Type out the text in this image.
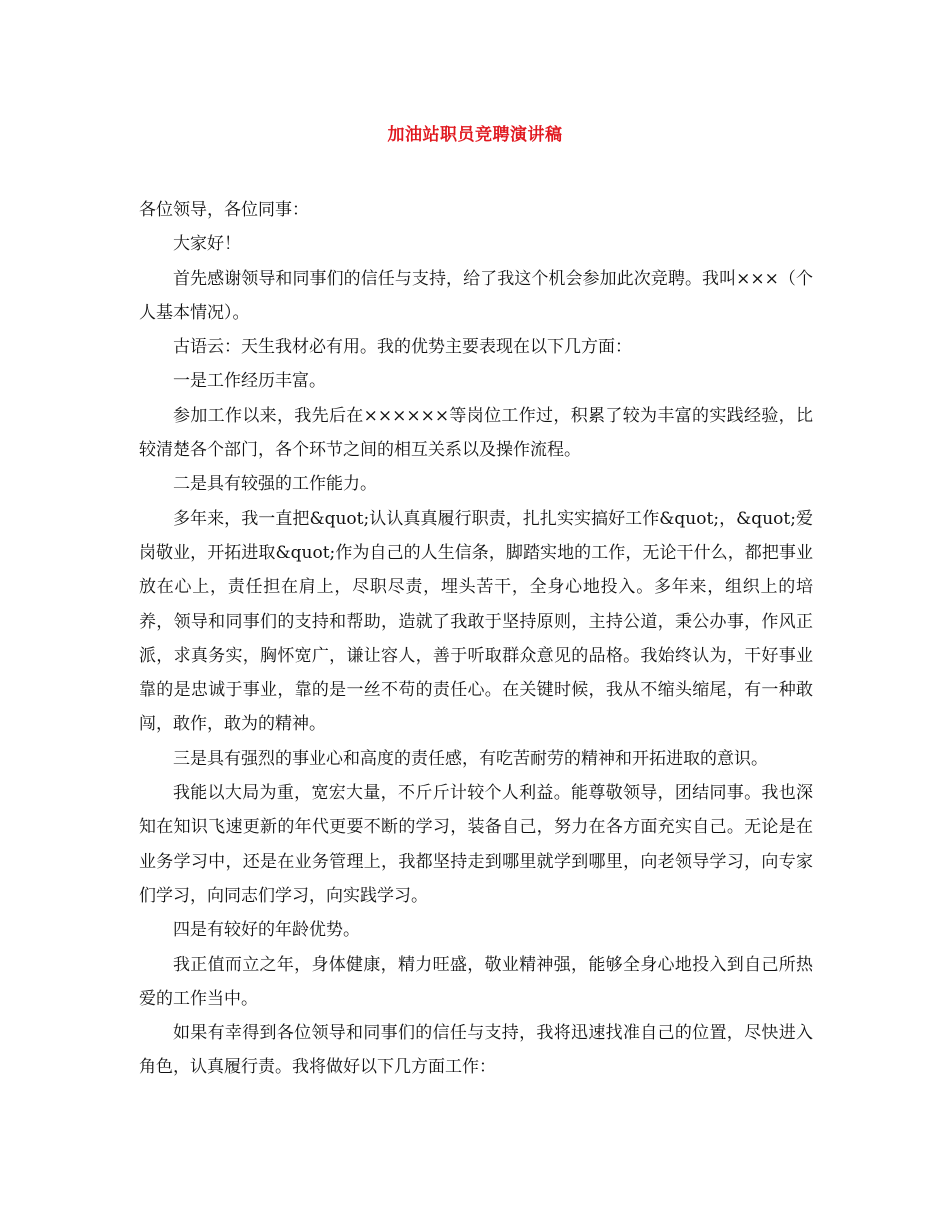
加油站职员竞聘演讲稿

各位领导，各位同事：

大家好！

首先感谢领导和同事们的信任与支持，给了我这个机会参加此次竞聘。我叫×××（个人基本情况）。

古语云：天生我材必有用。我的优势主要表现在以下几方面：

一是工作经历丰富。

参加工作以来，我先后在××××××等岗位工作过，积累了较为丰富的实践经验，比较清楚各个部门，各个环节之间的相互关系以及操作流程。

二是具有较强的工作能力。

多年来，我一直把&quot;认认真真履行职责，扎扎实实搞好工作&quot;，&quot;爱岗敬业，开拓进取&quot;作为自己的人生信条，脚踏实地的工作，无论干什么，都把事业放在心上，责任担在肩上，尽职尽责，埋头苦干，全身心地投入。多年来，组织上的培养，领导和同事们的支持和帮助，造就了我敢于坚持原则，主持公道，秉公办事，作风正派，求真务实，胸怀宽广，谦让容人，善于听取群众意见的品格。我始终认为，干好事业靠的是忠诚于事业，靠的是一丝不苟的责任心。在关键时候，我从不缩头缩尾，有一种敢闯，敢作，敢为的精神。

三是具有强烈的事业心和高度的责任感，有吃苦耐劳的精神和开拓进取的意识。

我能以大局为重，宽宏大量，不斤斤计较个人利益。能尊敬领导，团结同事。我也深知在知识飞速更新的年代更要不断的学习，装备自己，努力在各方面充实自己。无论是在业务学习中，还是在业务管理上，我都坚持走到哪里就学到哪里，向老领导学习，向专家们学习，向同志们学习，向实践学习。

四是有较好的年龄优势。

我正值而立之年，身体健康，精力旺盛，敬业精神强，能够全身心地投入到自己所热爱的工作当中。

如果有幸得到各位领导和同事们的信任与支持，我将迅速找准自己的位置，尽快进入角色，认真履行责。我将做好以下几方面工作：
